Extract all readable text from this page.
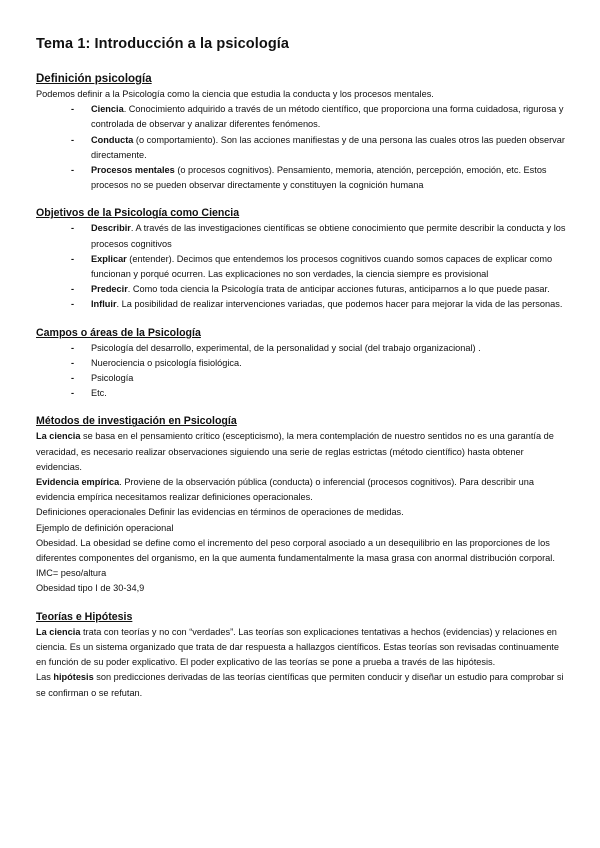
Tema 1: Introducción a la psicología
Definición psicología

Podemos definir a la Psicología como la ciencia que estudia la conducta y los procesos mentales.

- Ciencia. Conocimiento adquirido a través de un método científico, que proporciona una forma cuidadosa, rigurosa y controlada de observar y analizar diferentes fenómenos.
- Conducta (o comportamiento). Son las acciones manifiestas y de una persona las cuales otros las pueden observar directamente.
- Procesos mentales (o procesos cognitivos). Pensamiento, memoria, atención, percepción, emoción, etc. Estos procesos no se pueden observar directamente y constituyen la cognición humana
Objetivos de la Psicología como Ciencia
- Describir. A través de las investigaciones científicas se obtiene conocimiento que permite describir la conducta y los procesos cognitivos
- Explicar (entender). Decimos que entendemos los procesos cognitivos cuando somos capaces de explicar como funcionan y porqué ocurren. Las explicaciones no son verdades, la ciencia siempre es provisional
- Predecir. Como toda ciencia la Psicología trata de anticipar acciones futuras, anticiparnos a lo que puede pasar.
- Influir. La posibilidad de realizar intervenciones variadas, que podemos hacer para mejorar la vida de las personas.
Campos o áreas de la Psicología
- Psicología del desarrollo, experimental, de la personalidad y social (del trabajo organizacional) .
- Nuerociencia o psicología fisiológica.
- Psicología
- Etc.
Métodos de investigación en Psicología

La ciencia se basa en el pensamiento crítico (escepticismo), la mera contemplación de nuestro sentidos no es una garantía de veracidad, es necesario realizar observaciones siguiendo una serie de reglas estrictas (método científico) hasta obtener evidencias.

Evidencia empírica. Proviene de la observación pública (conducta) o inferencial (procesos cognitivos). Para describir una evidencia empírica necesitamos realizar definiciones operacionales.

Definiciones operacionales Definir las evidencias en términos de operaciones de medidas.

Ejemplo de definición operacional

Obesidad. La obesidad se define como el incremento del peso corporal asociado a un desequilibrio en las proporciones de los diferentes componentes del organismo, en la que aumenta fundamentalmente la masa grasa con anormal distribución corporal.

IMC= peso/altura

Obesidad tipo I de 30-34,9

Teorías e Hipótesis

La ciencia trata con teorías y no con “verdades”. Las teorías son explicaciones tentativas a hechos (evidencias) y relaciones en ciencia. Es un sistema organizado que trata de dar respuesta a hallazgos científicos. Estas teorías son revisadas continuamente en función de su poder explicativo. El poder explicativo de las teorías se pone a prueba a través de las hipótesis.

Las hipótesis son predicciones derivadas de las teorías científicas que permiten conducir y diseñar un estudio para comprobar si se confirman o se refutan.
